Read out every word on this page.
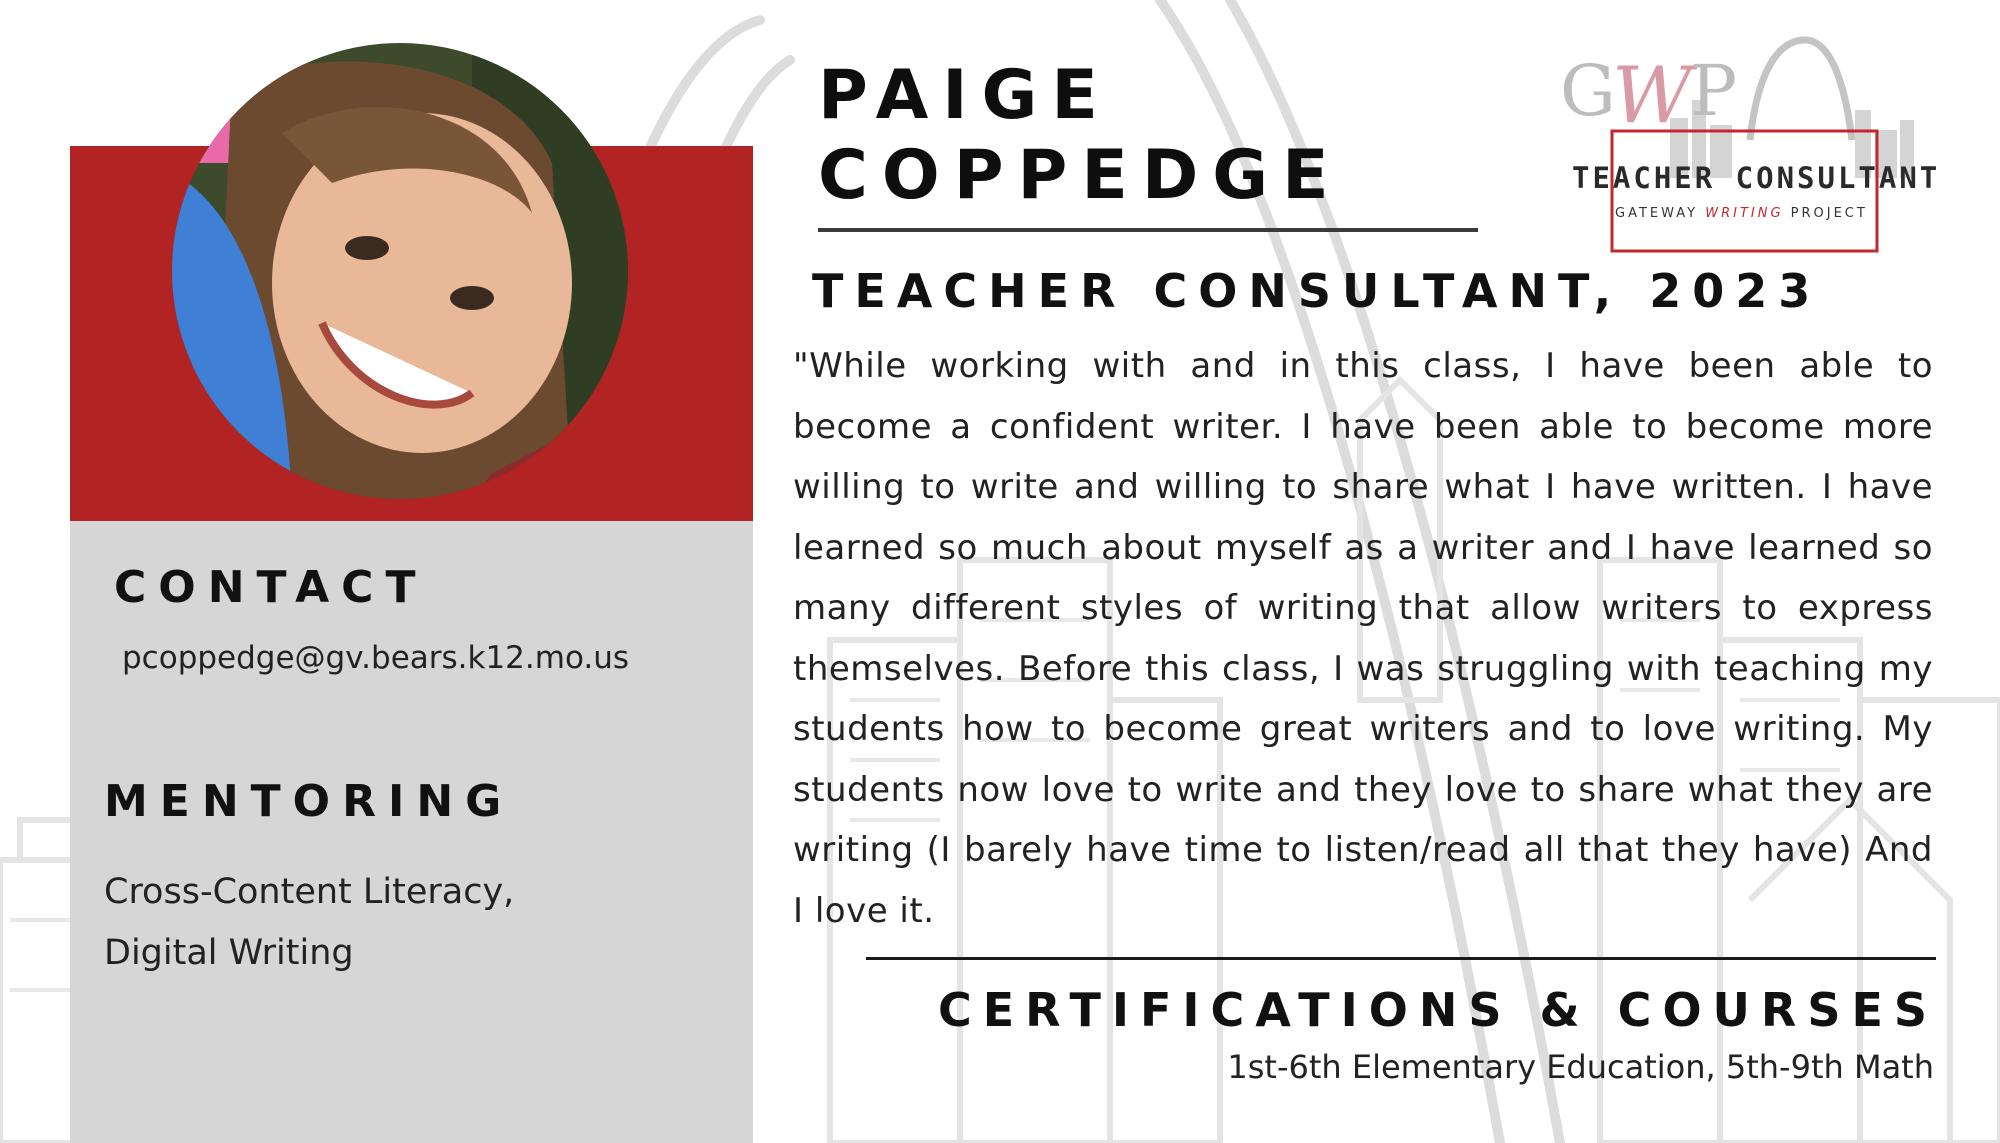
CONTACT
pcoppedge@gv.bears.k12.mo.us
MENTORING
Cross-Content Literacy,
Digital Writing
PAIGE
COPPEDGE
TEACHER CONSULTANT, 2023
"While working with and in this class, I have been able to become a confident writer. I have been able to become more willing to write and willing to share what I have written. I have learned so much about myself as a writer and I have learned so many different styles of writing that allow writers to express themselves. Before this class, I was struggling with teaching my students how to become great writers and to love writing. My students now love to write and they love to share what they are writing (I barely have time to listen/read all that they have) And I love it.
CERTIFICATIONS & COURSES
1st-6th Elementary Education, 5th-9th Math
G
W
P
TEACHER CONSULTANT
GATEWAY WRITING PROJECT
